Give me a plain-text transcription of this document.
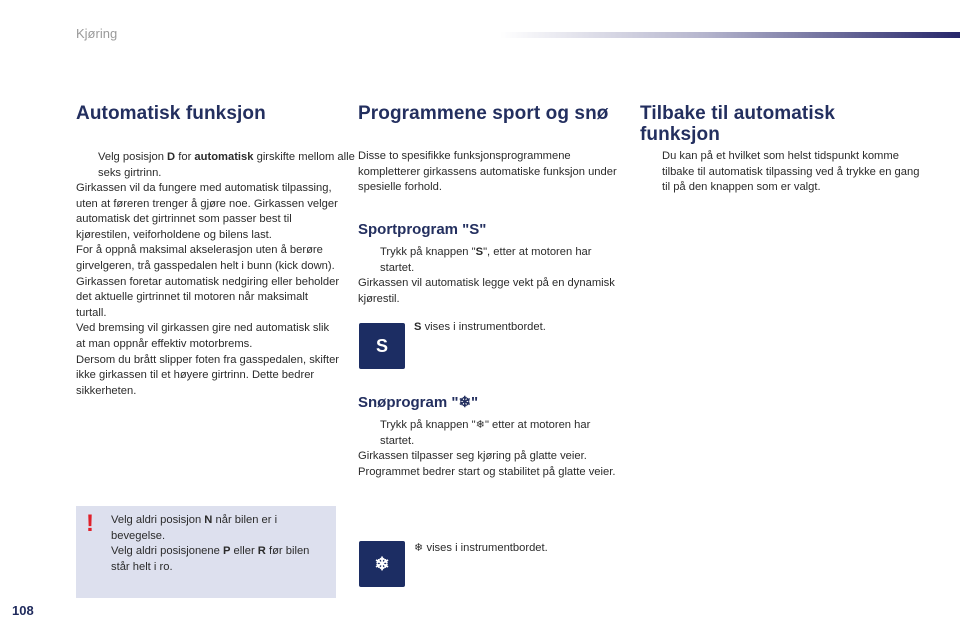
Kjøring
Automatisk funksjon

Velg posisjon D for automatisk girskifte mellom alle seks girtrinn.

Girkassen vil da fungere med automatisk tilpassing, uten at føreren trenger å gjøre noe. Girkassen velger automatisk det girtrinnet som passer best til kjørestilen, veiforholdene og bilens last.
For å oppnå maksimal akselerasjon uten å berøre girvelgeren, trå gasspedalen helt i bunn (kick down). Girkassen foretar automatisk nedgiring eller beholder det aktuelle girtrinnet til motoren når maksimalt turtall.
Ved bremsing vil girkassen gire ned automatisk slik at man oppnår effektiv motorbrems.
Dersom du brått slipper foten fra gasspedalen, skifter ikke girkassen til et høyere girtrinn. Dette bedrer sikkerheten.

! Velg aldri posisjon N når bilen er i bevegelse.
Velg aldri posisjonene P eller R før bilen står helt i ro.
Programmene sport og snø

Disse to spesifikke funksjonsprogrammene kompletterer girkassens automatiske funksjon under spesielle forhold.

Sportprogram "S"

Trykk på knappen "S", etter at motoren har startet.

Girkassen vil automatisk legge vekt på en dynamisk kjørestil.

S

S vises i instrumentbordet.

Snøprogram "❄"

Trykk på knappen "❄" etter at motoren har startet.

Girkassen tilpasser seg kjøring på glatte veier. Programmet bedrer start og stabilitet på glatte veier.

❄

❄ vises i instrumentbordet.

Tilbake til automatisk funksjon

Du kan på et hvilket som helst tidspunkt komme tilbake til automatisk tilpassing ved å trykke en gang til på den knappen som er valgt.

108
